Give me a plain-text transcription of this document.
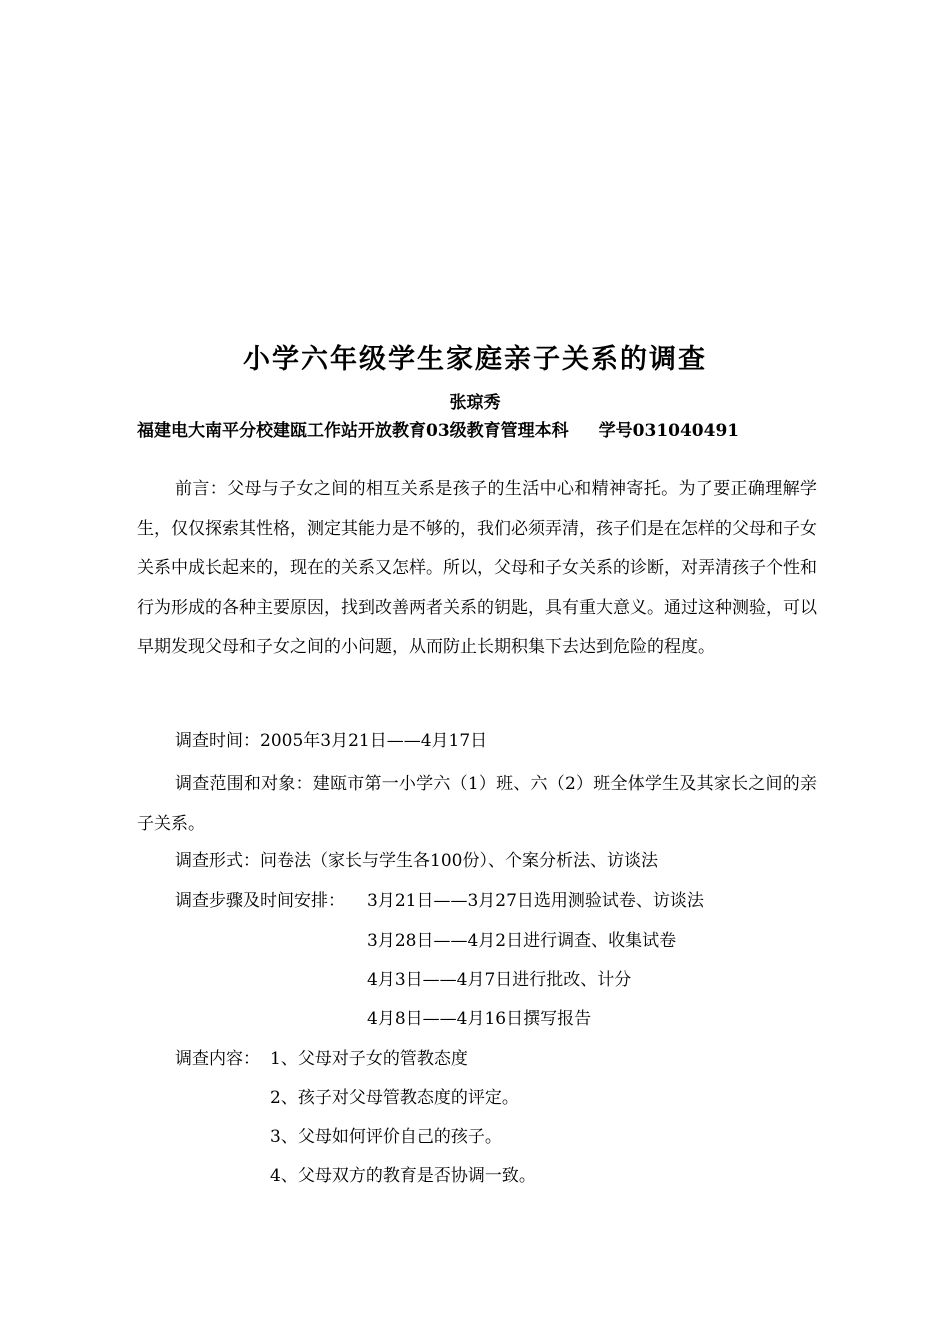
小学六年级学生家庭亲子关系的调查
张琼秀
福建电大南平分校建瓯工作站开放教育03级教育管理本科 学号031040491
前言：父母与子女之间的相互关系是孩子的生活中心和精神寄托。为了要正确理解学生，仅仅探索其性格，测定其能力是不够的，我们必须弄清，孩子们是在怎样的父母和子女关系中成长起来的，现在的关系又怎样。所以，父母和子女关系的诊断，对弄清孩子个性和行为形成的各种主要原因，找到改善两者关系的钥匙，具有重大意义。通过这种测验，可以早期发现父母和子女之间的小问题，从而防止长期积集下去达到危险的程度。
调查时间：2005年3月21日——4月17日
调查范围和对象：建瓯市第一小学六（1）班、六（2）班全体学生及其家长之间的亲子关系。
调查形式：问卷法（家长与学生各100份）、个案分析法、访谈法
调查步骤及时间安排： 3月21日——3月27日选用测验试卷、访谈法
3月28日——4月2日进行调查、收集试卷
4月3日——4月7日进行批改、计分
4月8日——4月16日撰写报告
调查内容： 1、父母对子女的管教态度
2、孩子对父母管教态度的评定。
3、父母如何评价自己的孩子。
4、父母双方的教育是否协调一致。
